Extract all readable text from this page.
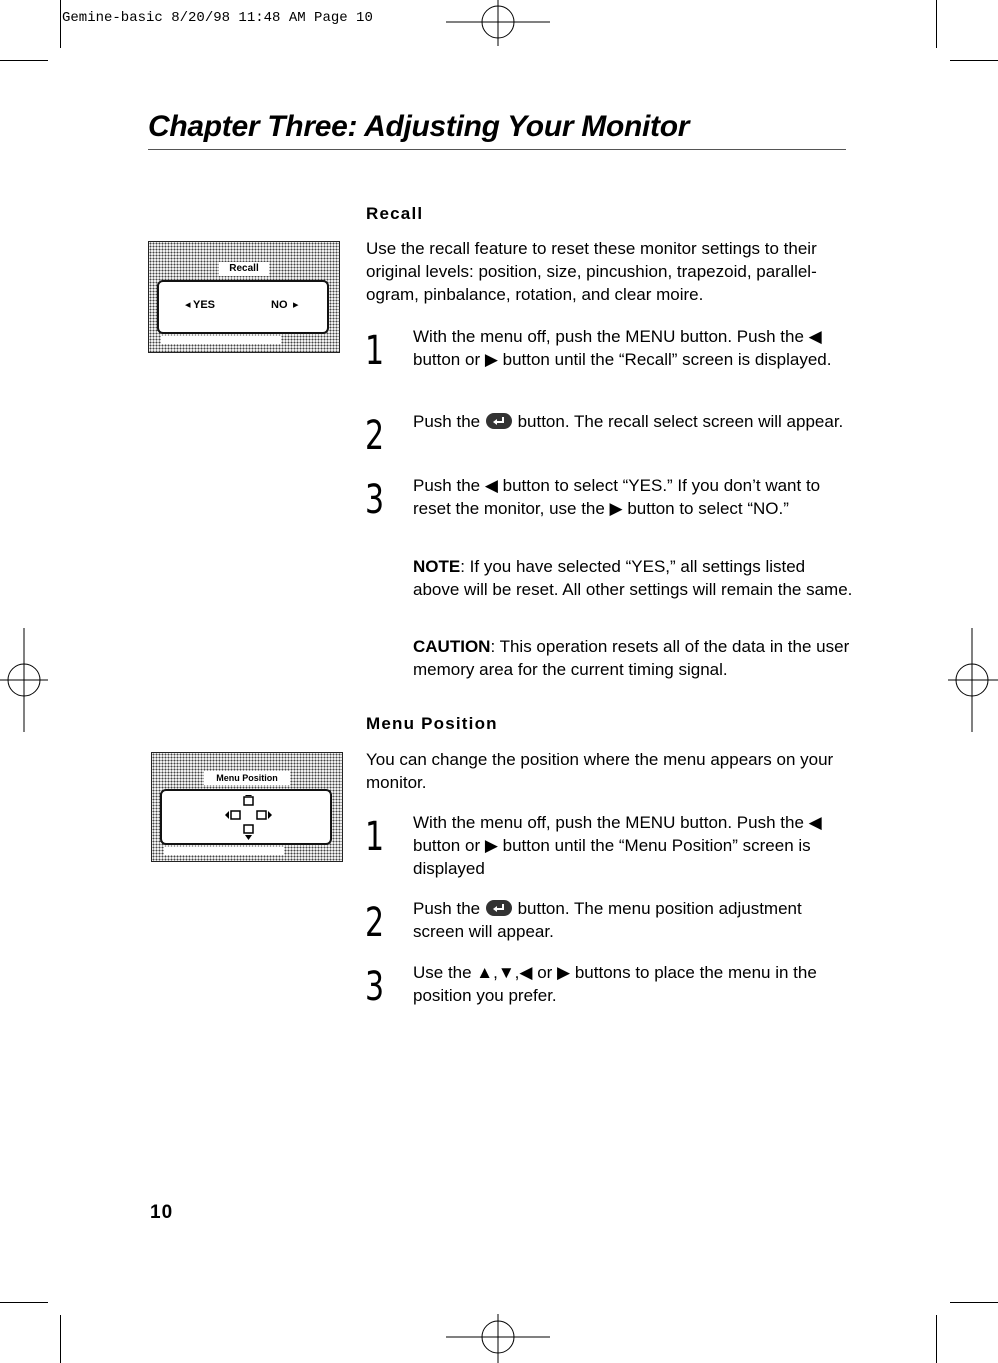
Gemine-basic 8/20/98 11:48 AM Page 10
Chapter Three: Adjusting Your Monitor
Recall
Recall
YES
◂	NO ▸
Use the recall feature to reset these monitor settings to their original levels: position, size, pincushion, trapezoid, parallel-ogram, pinbalance, rotation, and clear moire.
1 With the menu off, push the MENU button. Push the ◀ button or ▶ button until the “Recall” screen is displayed.
2 Push the button. The recall select screen will appear.
3 Push the ◀ button to select “YES.” If you don’t want to reset the monitor, use the ▶ button to select “NO.”
NOTE: If you have selected “YES,” all settings listed above will be reset. All other settings will remain the same.
CAUTION: This operation resets all of the data in the user memory area for the current timing signal.
Menu Position
Menu Position
You can change the position where the menu appears on your monitor.
1 With the menu off, push the MENU button. Push the ◀ button or ▶ button until the “Menu Position” screen is displayed
2 Push the button. The menu position adjustment screen will appear.
3 Use the ▲,▼,◀ or ▶ buttons to place the menu in the position you prefer.
10
